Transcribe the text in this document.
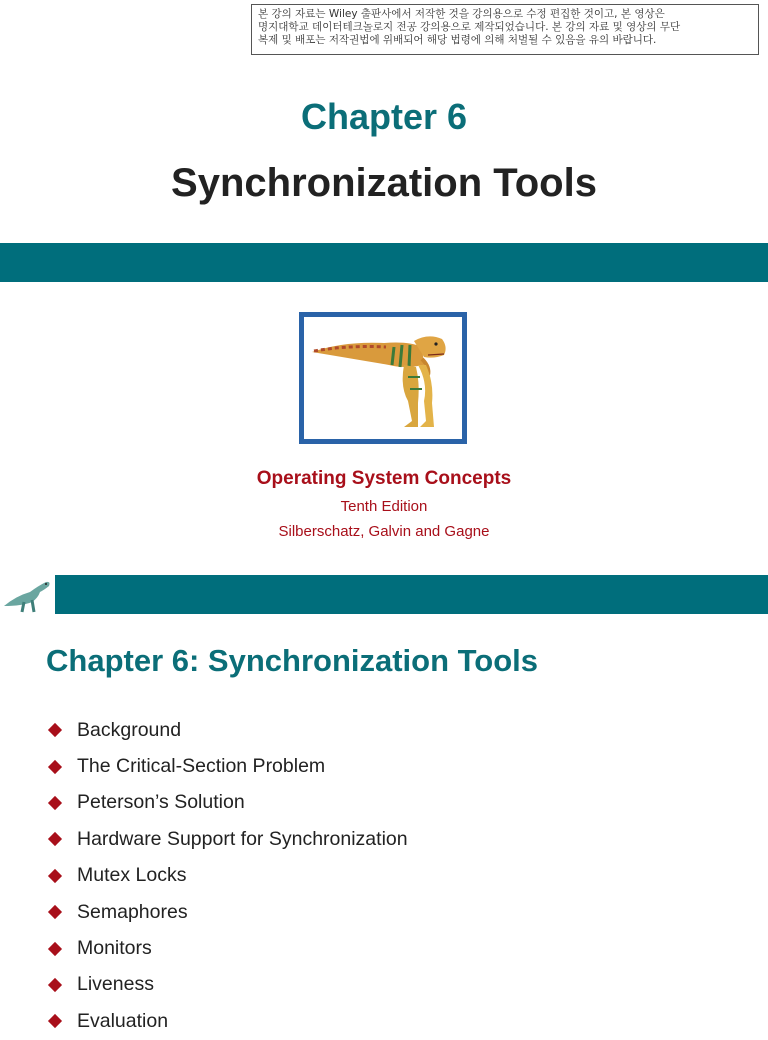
본 강의 자료는 Wiley 출판사에서 저작한 것을 강의용으로 수정 편집한 것이고, 본 영상은
명지대학교 데이터테크놀로지 전공 강의용으로 제작되었습니다. 본 강의 자료 및 영상의 무단
복제 및 배포는 저작권법에 위배되어 해당 법령에 의해 처벌될 수 있음을 유의 바랍니다.
Chapter 6
Synchronization Tools
Operating System Concepts
Tenth Edition
Silberschatz, Galvin and Gagne
Chapter 6: Synchronization Tools
Background
The Critical-Section Problem
Peterson’s Solution
Hardware Support for Synchronization
Mutex Locks
Semaphores
Monitors
Liveness
Evaluation
